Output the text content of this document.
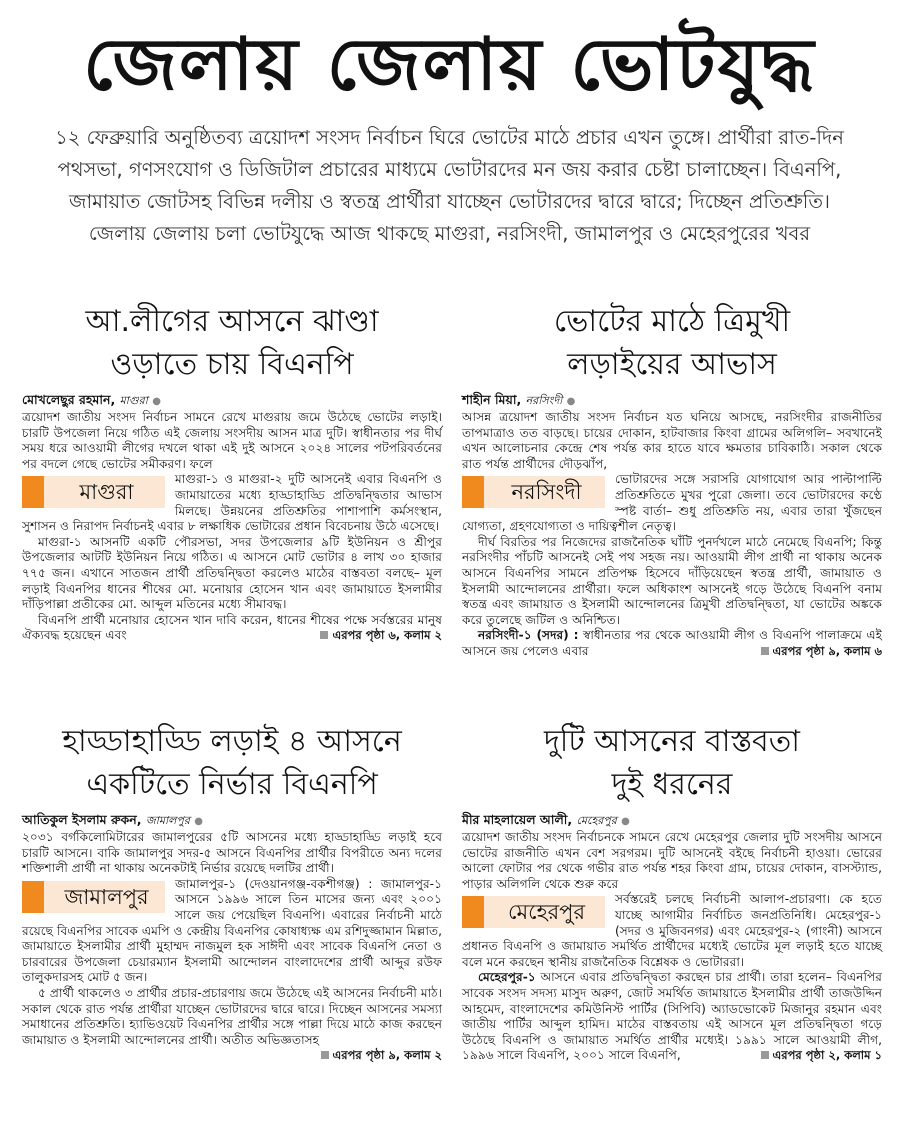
জেলায় জেলায় ভোটযুদ্ধ
১২ ফেব্রুয়ারি অনুষ্ঠিতব্য ত্রয়োদশ সংসদ নির্বাচন ঘিরে ভোটের মাঠে প্রচার এখন তুঙ্গে। প্রার্থীরা রাত-দিন পথসভা, গণসংযোগ ও ডিজিটাল প্রচারের মাধ্যমে ভোটারদের মন জয় করার চেষ্টা চালাচ্ছেন। বিএনপি, জামায়াত জোটসহ বিভিন্ন দলীয় ও স্বতন্ত্র প্রার্থীরা যাচ্ছেন ভোটারদের দ্বারে দ্বারে; দিচ্ছেন প্রতিশ্রুতি। জেলায় জেলায় চলা ভোটযুদ্ধে আজ থাকছে মাগুরা, নরসিংদী, জামালপুর ও মেহেরপুরের খবর
আ.লীগের আসনে ঝাণ্ডা
ওড়াতে চায় বিএনপি
মোখলেছুর রহমান, মাগুরা ●

ত্রয়োদশ জাতীয় সংসদ নির্বাচন সামনে রেখে মাগুরায় জমে উঠেছে ভোটের লড়াই। চারটি উপজেলা নিয়ে গঠিত এই জেলায় সংসদীয় আসন মাত্র দুটি। স্বাধীনতার পর দীর্ঘ সময় ধরে আওয়ামী লীগের দখলে থাকা এই দুই আসনে ২০২৪ সালের পটপরিবর্তনের পর বদলে গেছে ভোটের সমীকরণ। ফলে

মাগুরা

মাগুরা-১ ও মাগুরা-২ দুটি আসনেই এবার বিএনপি ও জামায়াতের মধ্যে হাড্ডাহাড্ডি প্রতিদ্বন্দ্বিতার আভাস মিলছে। উন্নয়নের প্রতিশ্রুতির পাশাপাশি কর্মসংস্থান, সুশাসন ও নিরাপদ নির্বাচনই এবার ৮ লক্ষাধিক ভোটারের প্রধান বিবেচনায় উঠে এসেছে।

মাগুরা-১ আসনটি একটি পৌরসভা, সদর উপজেলার ৯টি ইউনিয়ন ও শ্রীপুর উপজেলার আটটি ইউনিয়ন নিয়ে গঠিত। এ আসনে মোট ভোটার ৪ লাখ ৩০ হাজার ৭৭৫ জন। এখানে সাতজন প্রার্থী প্রতিদ্বন্দ্বিতা করলেও মাঠের বাস্তবতা বলছে– মূল লড়াই বিএনপির ধানের শীষের মো. মনোয়ার হোসেন খান এবং জামায়াতে ইসলামীর দাঁড়িপাল্লা প্রতীকের মো. আব্দুল মতিনের মধ্যে সীমাবদ্ধ।

বিএনপি প্রার্থী মনোয়ার হোসেন খান দাবি করেন, ধানের শীষের পক্ষে সর্বস্তরের মানুষ ঐক্যবদ্ধ হয়েছেন এবং	এরপর পৃষ্ঠা ৬, কলাম ২

ভোটের মাঠে ত্রিমুখী
লড়াইয়ের আভাস
শাহীন মিয়া, নরসিংদী ●

আসন্ন ত্রয়োদশ জাতীয় সংসদ নির্বাচন যত ঘনিয়ে আসছে, নরসিংদীর রাজনীতির তাপমাত্রাও তত বাড়ছে। চায়ের দোকান, হাটবাজার কিংবা গ্রামের অলিগলি– সবখানেই এখন আলোচনার কেন্দ্রে শেষ পর্যন্ত কার হাতে যাবে ক্ষমতার চাবিকাঠি। সকাল থেকে রাত পর্যন্ত প্রার্থীদের দৌড়ঝাঁপ,

নরসিংদী

ভোটারদের সঙ্গে সরাসরি যোগাযোগ আর পাল্টাপাল্টি প্রতিশ্রুতিতে মুখর পুরো জেলা। তবে ভোটারদের কণ্ঠে স্পষ্ট বার্তা– শুধু প্রতিশ্রুতি নয়, এবার তারা খুঁজছেন যোগ্যতা, গ্রহণযোগ্যতা ও দায়িত্বশীল নেতৃত্ব।

দীর্ঘ বিরতির পর নিজেদের রাজনৈতিক ঘাঁটি পুনর্দখলে মাঠে নেমেছে বিএনপি; কিন্তু নরসিংদীর পাঁচটি আসনেই সেই পথ সহজ নয়। আওয়ামী লীগ প্রার্থী না থাকায় অনেক আসনে বিএনপির সামনে প্রতিপক্ষ হিসেবে দাঁড়িয়েছেন স্বতন্ত্র প্রার্থী, জামায়াত ও ইসলামী আন্দোলনের প্রার্থীরা। ফলে অধিকাংশ আসনেই গড়ে উঠেছে বিএনপি বনাম স্বতন্ত্র এবং জামায়াত ও ইসলামী আন্দোলনের ত্রিমুখী প্রতিদ্বন্দ্বিতা, যা ভোটের অঙ্ককে করে তুলেছে জটিল ও অনিশ্চিত।

নরসিংদী-১ (সদর) : স্বাধীনতার পর থেকে আওয়ামী লীগ ও বিএনপি পালাক্রমে এই আসনে জয় পেলেও এবার	এরপর পৃষ্ঠা ৯, কলাম ৬

হাড্ডাহাড্ডি লড়াই ৪ আসনে
একটিতে নির্ভার বিএনপি
আতিকুল ইসলাম রুকন, জামালপুর ●

২০৩১ বর্গকিলোমিটারের জামালপুরের ৫টি আসনের মধ্যে হাড্ডাহাড্ডি লড়াই হবে চারটি আসনে। বাকি জামালপুর সদর-৫ আসনে বিএনপির প্রার্থীর বিপরীতে অন্য দলের শক্তিশালী প্রার্থী না থাকায় অনেকটাই নির্ভার রয়েছে দলটির প্রার্থী।

জামালপুর

জামালপুর-১ (দেওয়ানগঞ্জ-বকশীগঞ্জ) : জামালপুর-১ আসনে ১৯৯৬ সালে তিন মাসের জন্য এবং ২০০১ সালে জয় পেয়েছিল বিএনপি। এবারের নির্বাচনী মাঠে রয়েছে বিএনপির সাবেক এমপি ও কেন্দ্রীয় বিএনপির কোষাধ্যক্ষ এম রশিদুজ্জামান মিল্লাত, জামায়াতে ইসলামীর প্রার্থী মুহাম্মদ নাজমুল হক সাঈদী এবং সাবেক বিএনপি নেতা ও চারবারের উপজেলা চেয়ারম্যান ইসলামী আন্দোলন বাংলাদেশের প্রার্থী আব্দুর রউফ তালুকদারসহ মোট ৫ জন।

৫ প্রার্থী থাকলেও ৩ প্রার্থীর প্রচার-প্রচারণায় জমে উঠেছে এই আসনের নির্বাচনী মাঠ। সকাল থেকে রাত পর্যন্ত প্রার্থীরা যাচ্ছেন ভোটারদের দ্বারে দ্বারে। দিচ্ছেন আসনের সমস্যা সমাধানের প্রতিশ্রুতি। হ্যাভিওয়েট বিএনপির প্রার্থীর সঙ্গে পাল্লা দিয়ে মাঠে কাজ করছেন জামায়াত ও ইসলামী আন্দোলনের প্রার্থী। অতীত অভিজ্ঞতাসহ
এরপর পৃষ্ঠা ৯, কলাম ২

দুটি আসনের বাস্তবতা
দুই ধরনের
মীর মাহলায়েল আলী, মেহেরপুর ●

ত্রয়োদশ জাতীয় সংসদ নির্বাচনকে সামনে রেখে মেহেরপুর জেলার দুটি সংসদীয় আসনে ভোটের রাজনীতি এখন বেশ সরগরম। দুটি আসনেই বইছে নির্বাচনী হাওয়া। ভোরের আলো ফোটার পর থেকে গভীর রাত পর্যন্ত শহর কিংবা গ্রাম, চায়ের দোকান, বাসস্ট্যান্ড, পাড়ার অলিগলি থেকে শুরু করে

মেহেরপুর

সর্বস্তরেই চলছে নির্বাচনী আলাপ-প্রচারণা। কে হতে যাচ্ছে আগামীর নির্বাচিত জনপ্রতিনিধি। মেহেরপুর-১ (সদর ও মুজিবনগর) এবং মেহেরপুর-২ (গাংনী) আসনে প্রধানত বিএনপি ও জামায়াত সমর্থিত প্রার্থীদের মধ্যেই ভোটের মূল লড়াই হতে যাচ্ছে বলে মনে করছেন স্থানীয় রাজনৈতিক বিশ্লেষক ও ভোটাররা।

মেহেরপুর-১ আসনে এবার প্রতিদ্বন্দ্বিতা করছেন চার প্রার্থী। তারা হলেন– বিএনপির সাবেক সংসদ সদস্য মাসুদ অরুণ, জোট সমর্থিত জামায়াতে ইসলামীর প্রার্থী তাজউদ্দিন আহমেদ, বাংলাদেশের কমিউনিস্ট পার্টির (সিপিবি) অ্যাডভোকেট মিজানুর রহমান এবং জাতীয় পার্টির আব্দুল হামিদ। মাঠের বাস্তবতায় এই আসনে মূল প্রতিদ্বন্দ্বিতা গড়ে উঠেছে বিএনপি ও জামায়াত সমর্থিত প্রার্থীর মধ্যেই। ১৯৯১ সালে আওয়ামী লীগ, ১৯৯৬ সালে বিএনপি, ২০০১ সালে বিএনপি,	এরপর পৃষ্ঠা ২, কলাম ১
